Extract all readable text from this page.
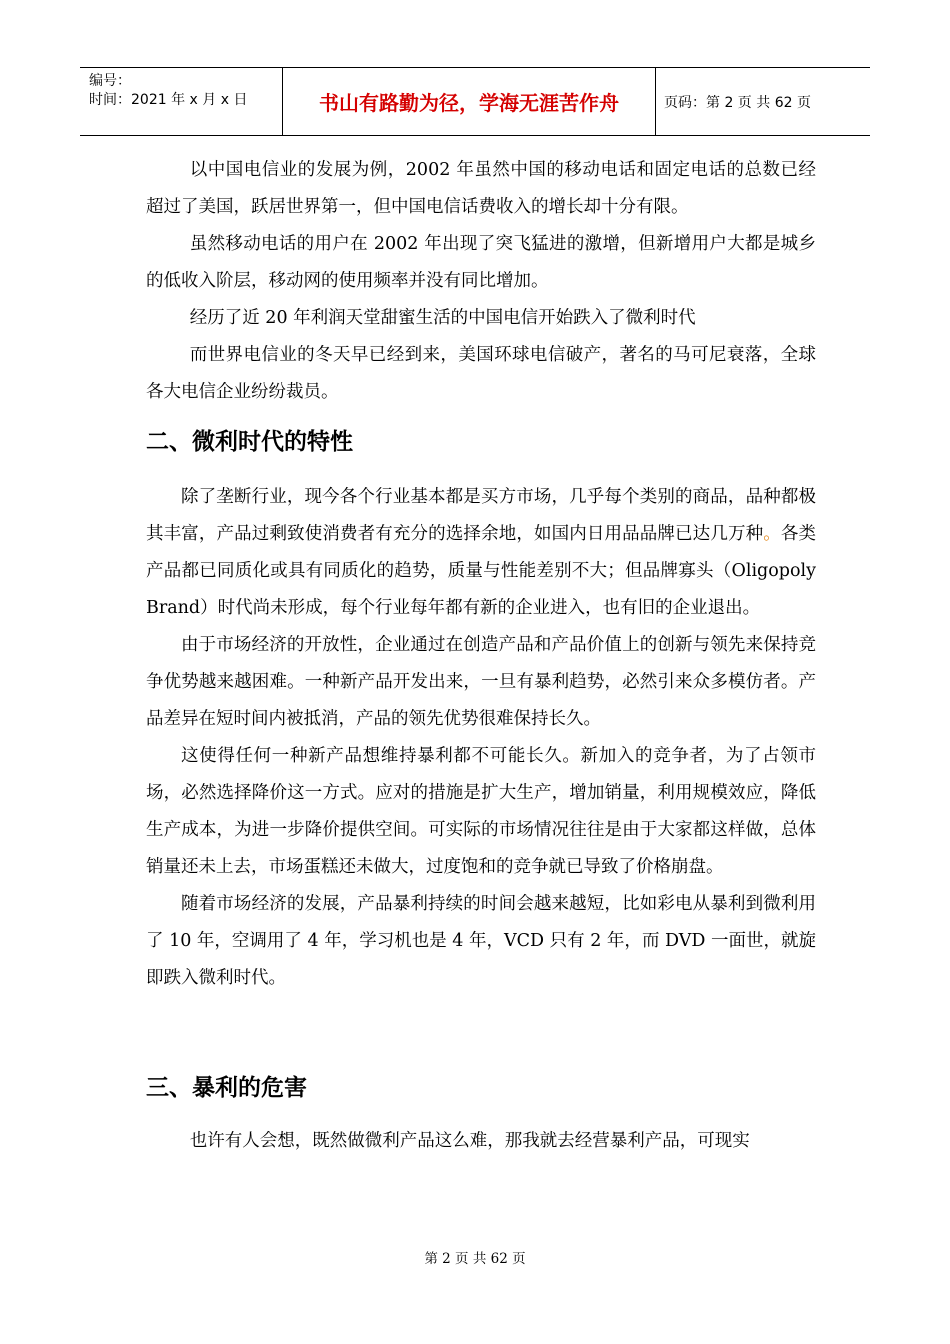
编号：
时间：2021 年 x 月 x 日	书山有路勤为径，学海无涯苦作舟	页码：第 2 页 共 62 页

以中国电信业的发展为例，2002 年虽然中国的移动电话和固定电话的总数已经超过了美国，跃居世界第一，但中国电信话费收入的增长却十分有限。

虽然移动电话的用户在 2002 年出现了突飞猛进的激增，但新增用户大都是城乡的低收入阶层，移动网的使用频率并没有同比增加。

经历了近 20 年利润天堂甜蜜生活的中国电信开始跌入了微利时代

而世界电信业的冬天早已经到来，美国环球电信破产，著名的马可尼衰落，全球各大电信企业纷纷裁员。

二、微利时代的特性

除了垄断行业，现今各个行业基本都是买方市场，几乎每个类别的商品，品种都极其丰富，产品过剩致使消费者有充分的选择余地，如国内日用品品牌已达几万种。各类产品都已同质化或具有同质化的趋势，质量与性能差别不大；但品牌寡头（Oligopoly Brand）时代尚未形成，每个行业每年都有新的企业进入，也有旧的企业退出。

由于市场经济的开放性，企业通过在创造产品和产品价值上的创新与领先来保持竞争优势越来越困难。一种新产品开发出来，一旦有暴利趋势，必然引来众多模仿者。产品差异在短时间内被抵消，产品的领先优势很难保持长久。

这使得任何一种新产品想维持暴利都不可能长久。新加入的竞争者，为了占领市场，必然选择降价这一方式。应对的措施是扩大生产，增加销量，利用规模效应，降低生产成本，为进一步降价提供空间。可实际的市场情况往往是由于大家都这样做，总体销量还未上去，市场蛋糕还未做大，过度饱和的竞争就已导致了价格崩盘。

随着市场经济的发展，产品暴利持续的时间会越来越短，比如彩电从暴利到微利用了 10 年，空调用了 4 年，学习机也是 4 年，VCD 只有 2 年，而 DVD 一面世，就旋即跌入微利时代。

三、暴利的危害

也许有人会想，既然做微利产品这么难，那我就去经营暴利产品，可现实

第 2 页 共 62 页
